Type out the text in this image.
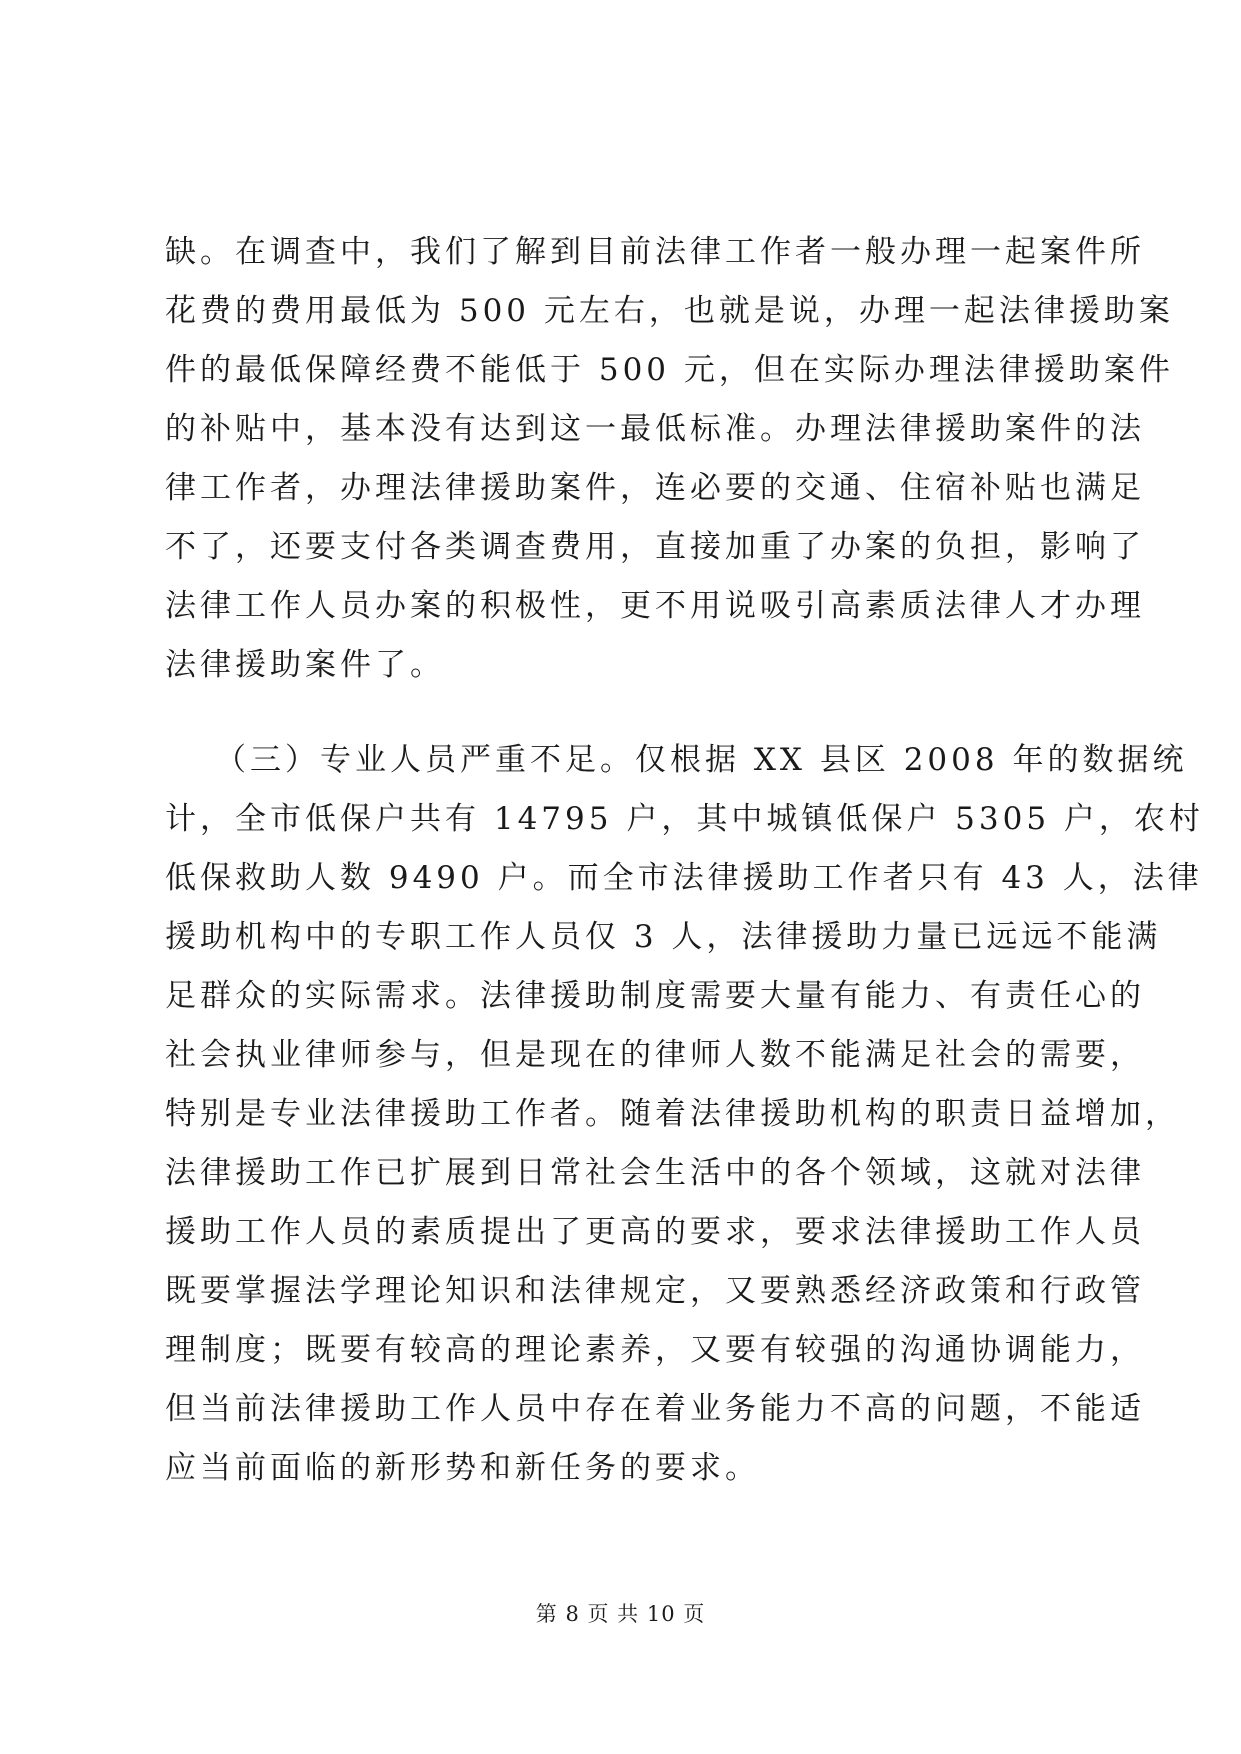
缺。在调查中，我们了解到目前法律工作者一般办理一起案件所
花费的费用最低为 500 元左右，也就是说，办理一起法律援助案
件的最低保障经费不能低于 500 元，但在实际办理法律援助案件
的补贴中，基本没有达到这一最低标准。办理法律援助案件的法
律工作者，办理法律援助案件，连必要的交通、住宿补贴也满足
不了，还要支付各类调查费用，直接加重了办案的负担，影响了
法律工作人员办案的积极性，更不用说吸引高素质法律人才办理
法律援助案件了。
（三）专业人员严重不足。仅根据 XX 县区 2008 年的数据统
计，全市低保户共有 14795 户，其中城镇低保户 5305 户，农村
低保救助人数 9490 户。而全市法律援助工作者只有 43 人，法律
援助机构中的专职工作人员仅 3 人，法律援助力量已远远不能满
足群众的实际需求。法律援助制度需要大量有能力、有责任心的
社会执业律师参与，但是现在的律师人数不能满足社会的需要，
特别是专业法律援助工作者。随着法律援助机构的职责日益增加，
法律援助工作已扩展到日常社会生活中的各个领域，这就对法律
援助工作人员的素质提出了更高的要求，要求法律援助工作人员
既要掌握法学理论知识和法律规定，又要熟悉经济政策和行政管
理制度；既要有较高的理论素养，又要有较强的沟通协调能力，
但当前法律援助工作人员中存在着业务能力不高的问题，不能适
应当前面临的新形势和新任务的要求。
第 8 页 共 10 页
